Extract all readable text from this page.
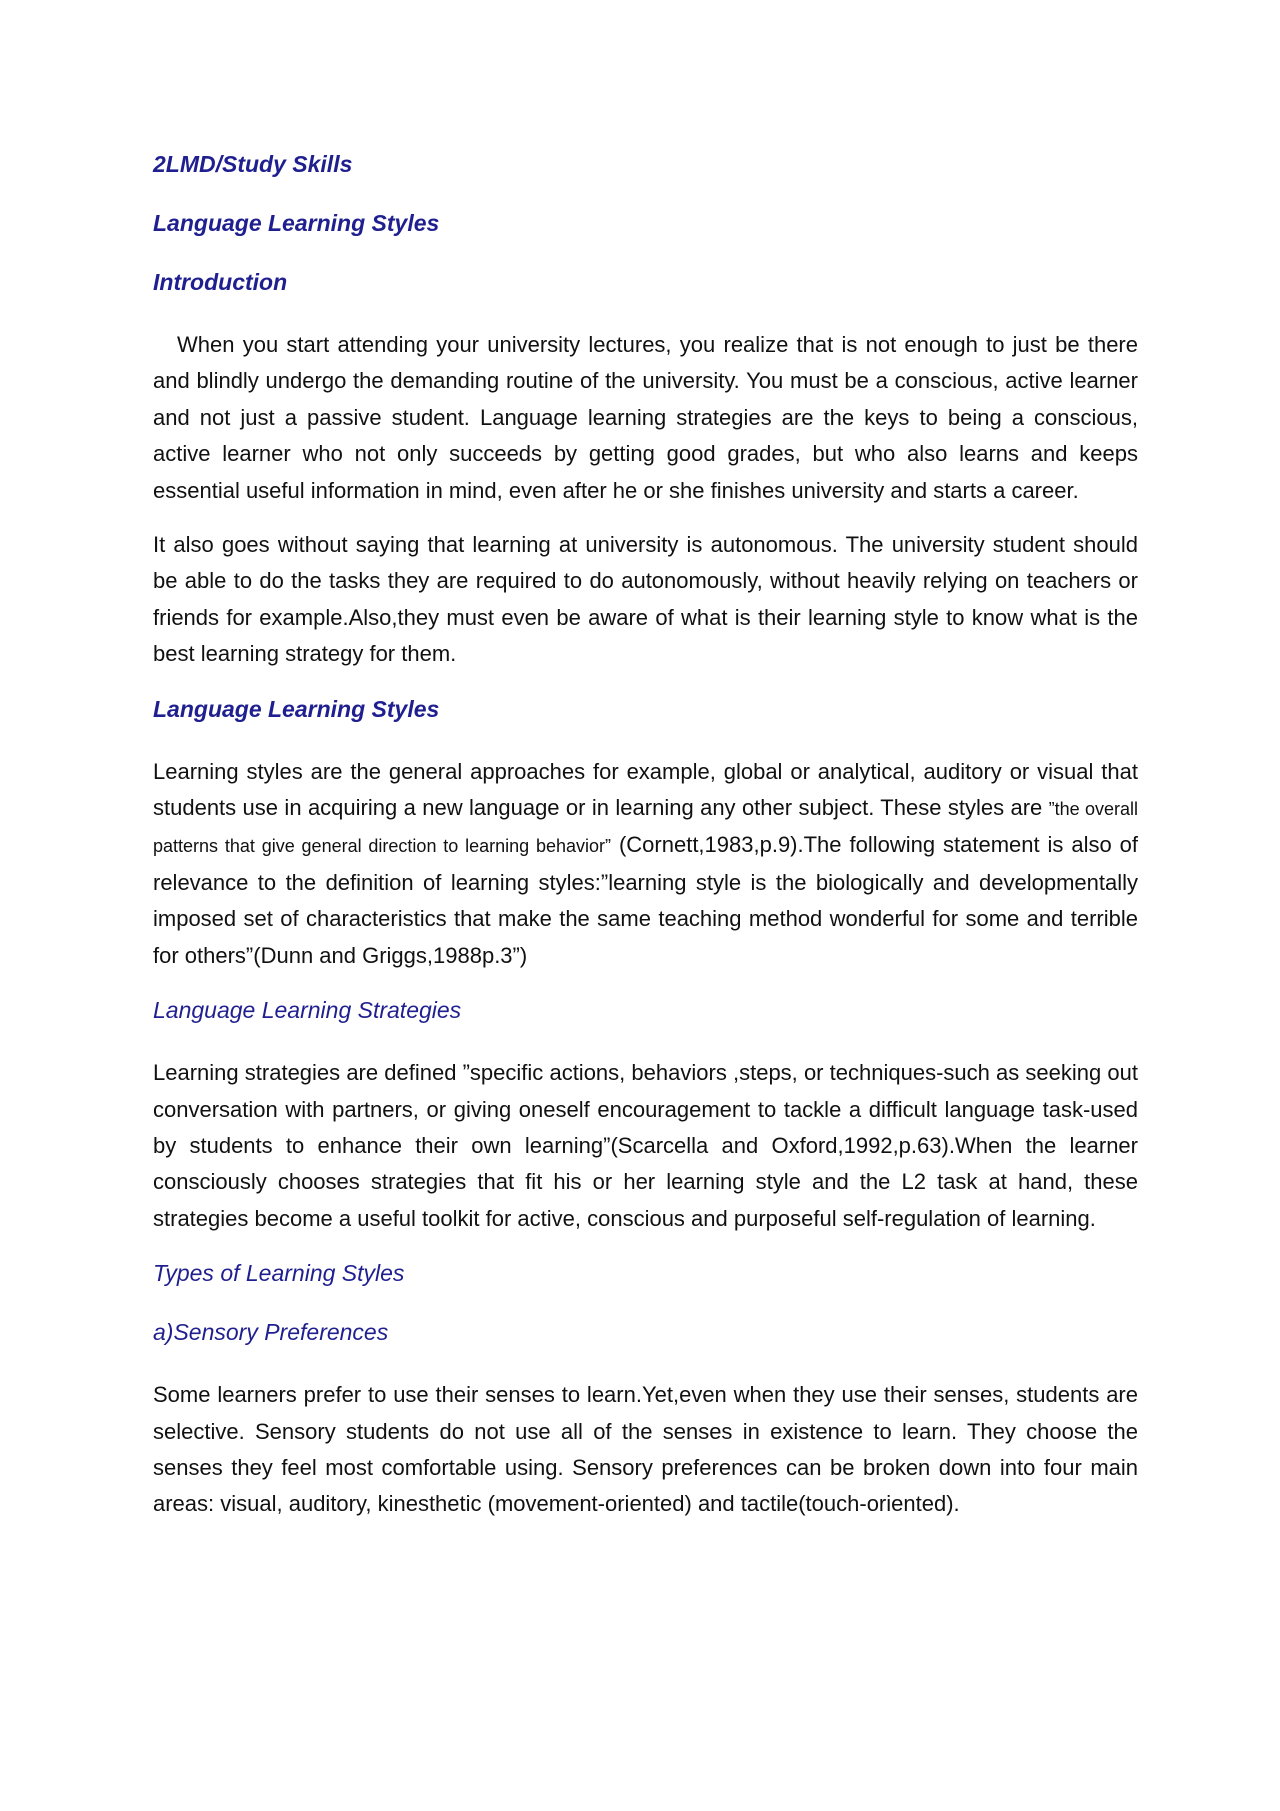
2LMD/Study Skills

Language Learning Styles

Introduction

When you start attending your university lectures, you realize that is not enough to just be there and blindly undergo the demanding routine of the university. You must be a conscious, active learner and not just a passive student. Language learning strategies are the keys to being a conscious, active learner who not only succeeds by getting good grades, but who also learns and keeps essential useful information in mind, even after he or she finishes university and starts a career.

It also goes without saying that learning at university is autonomous. The university student should be able to do the tasks they are required to do autonomously, without heavily relying on teachers or friends for example.Also,they must even be aware of what is their learning style to know what is the best learning strategy for them.

Language Learning Styles

Learning styles are the general approaches for example, global or analytical, auditory or visual that students use in acquiring a new language or in learning any other subject. These styles are ”the overall patterns that give general direction to learning behavior” (Cornett,1983,p.9).The following statement is also of relevance to the definition of learning styles:”learning style is the biologically and developmentally imposed set of characteristics that make the same teaching method wonderful for some and terrible for others”(Dunn and Griggs,1988p.3”)

Language Learning Strategies

Learning strategies are defined ”specific actions, behaviors ,steps, or techniques-such as seeking out conversation with partners, or giving oneself encouragement to tackle a difficult language task-used by students to enhance their own learning”(Scarcella and Oxford,1992,p.63).When the learner consciously chooses strategies that fit his or her learning style and the L2 task at hand, these strategies become a useful toolkit for active, conscious and purposeful self-regulation of learning.

Types of Learning Styles

a)Sensory Preferences

Some learners prefer to use their senses to learn.Yet,even when they use their senses, students are selective. Sensory students do not use all of the senses in existence to learn. They choose the senses they feel most comfortable using. Sensory preferences can be broken down into four main areas: visual, auditory, kinesthetic (movement-oriented) and tactile(touch-oriented).
